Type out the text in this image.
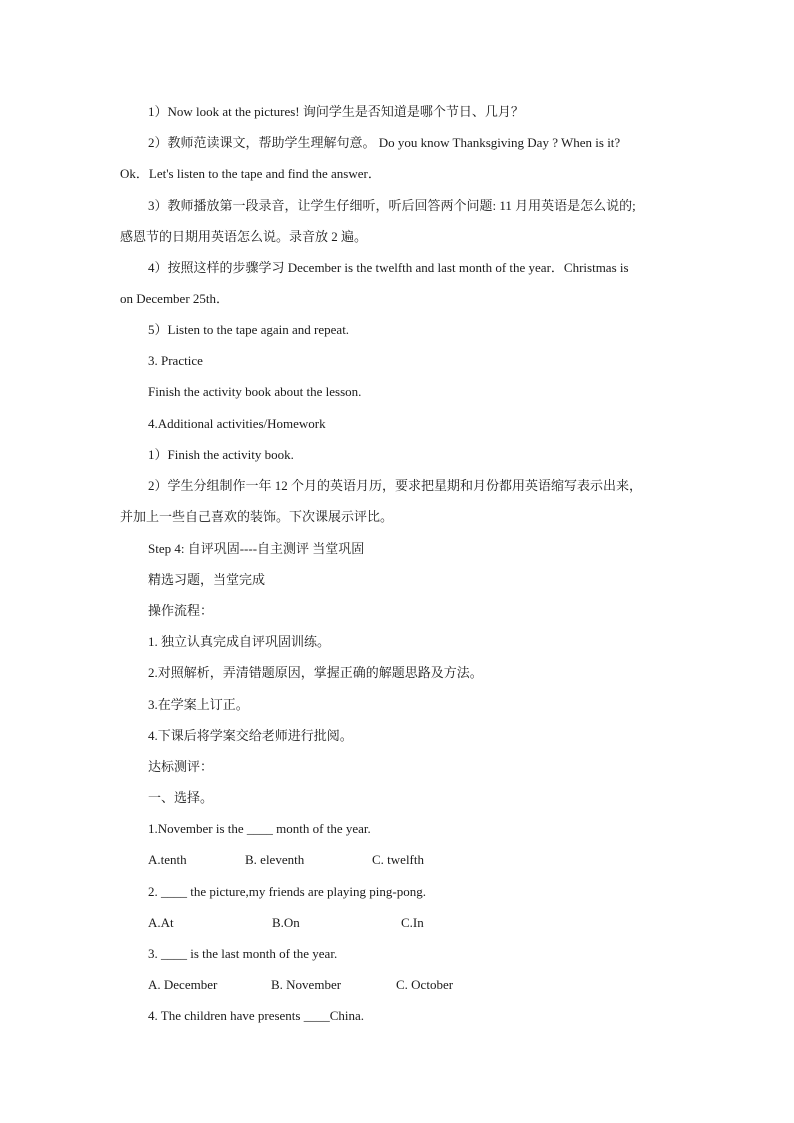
1）Now look at the pictures! 询问学生是否知道是哪个节日、几月？
2）教师范读课文，帮助学生理解句意。 Do you know Thanksgiving Day ? When is it?
Ok．Let's listen to the tape and find the answer．
3）教师播放第一段录音，让学生仔细听，听后回答两个问题: 11 月用英语是怎么说的;
感恩节的日期用英语怎么说。录音放 2 遍。
4）按照这样的步骤学习 December is the twelfth and last month of the year．Christmas is
on December 25th．
5）Listen to the tape again and repeat.
3. Practice
Finish the activity book about the lesson.
4.Additional activities/Homework
1）Finish the activity book.
2）学生分组制作一年 12 个月的英语月历，要求把星期和月份都用英语缩写表示出来，
并加上一些自己喜欢的装饰。下次课展示评比。
Step 4: 自评巩固----自主测评 当堂巩固
精选习题，当堂完成
操作流程：
1. 独立认真完成自评巩固训练。
2.对照解析，弄清错题原因，掌握正确的解题思路及方法。
3.在学案上订正。
4.下课后将学案交给老师进行批阅。
达标测评：
一、选择。
1.November is the ____ month of the year.
A.tenth	B. eleventh	C. twelfth
2. ____ the picture,my friends are playing ping-pong.
A.At	B.On	C.In
3. ____ is the last month of the year.
A. December	B. November	C. October
4. The children have presents ____China.
